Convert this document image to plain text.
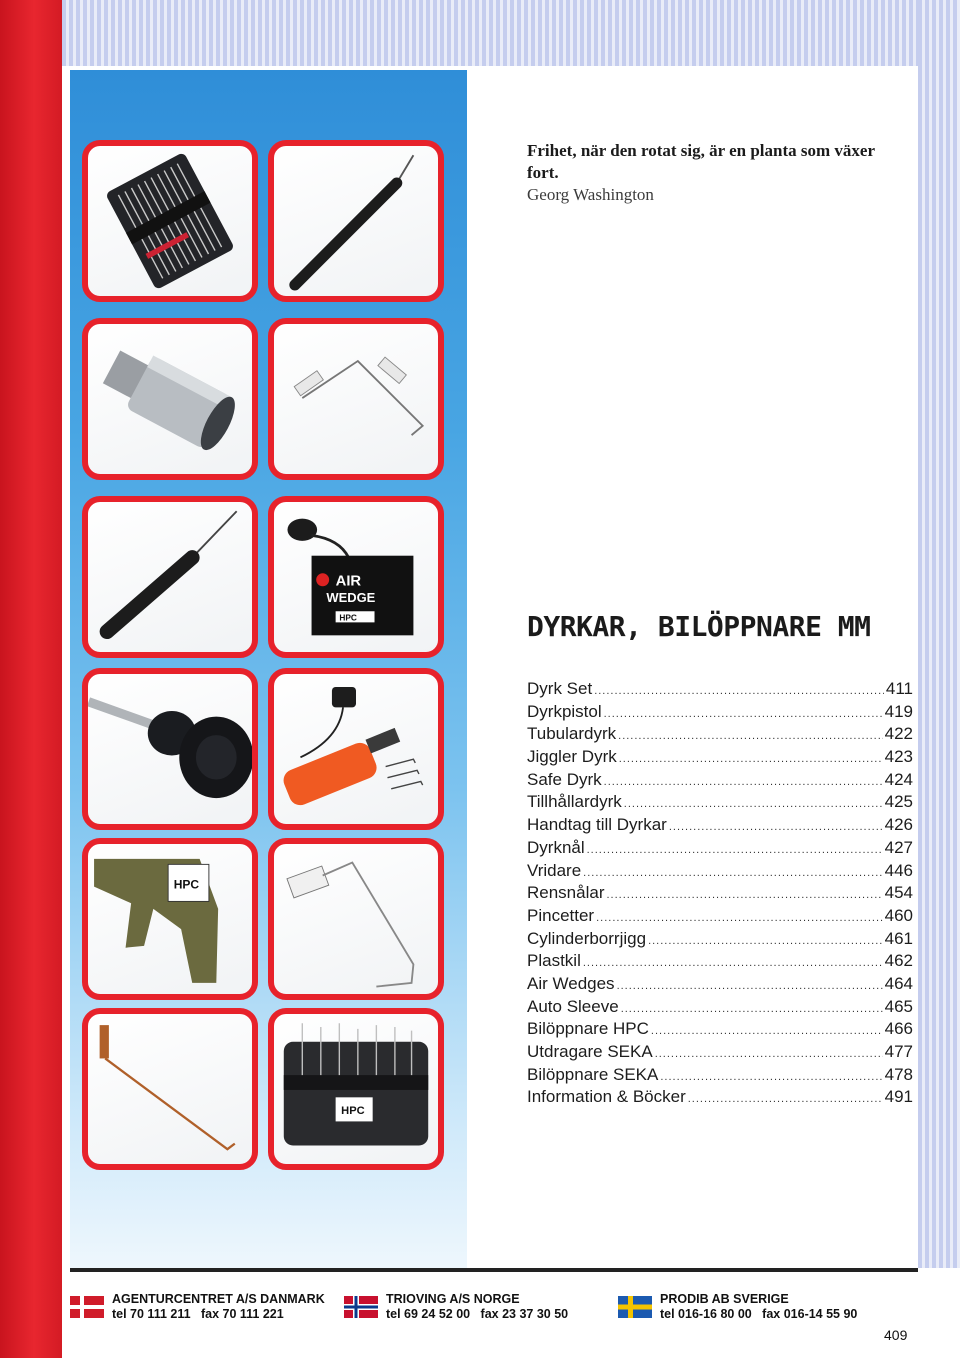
AIR
WEDGE
HPC
HPC
HPC
Frihet, när den rotat sig, är en planta som växer fort.
Georg Washington
DYRKAR, BILÖPPNARE MM
Dyrk Set .....	411
Dyrkpistol .....	419
Tubulardyrk .....	422
Jiggler Dyrk .....	423
Safe Dyrk .....	424
Tillhållardyrk .....	425
Handtag till Dyrkar .....	426
Dyrknål .....	427
Vridare .....	446
Rensnålar .....	454
Pincetter .....	460
Cylinderborrjigg .....	461
Plastkil .....	462
Air Wedges .....	464
Auto Sleeve .....	465
Bilöppnare HPC .....	466
Utdragare SEKA .....	477
Bilöppnare SEKA .....	478
Information & Böcker .....	491
AGENTURCENTRET A/S DANMARK
tel 70 111 211 fax 70 111 221
TRIOVING A/S NORGE
tel 69 24 52 00 fax 23 37 30 50
PRODIB AB SVERIGE
tel 016-16 80 00 fax 016-14 55 90
409
